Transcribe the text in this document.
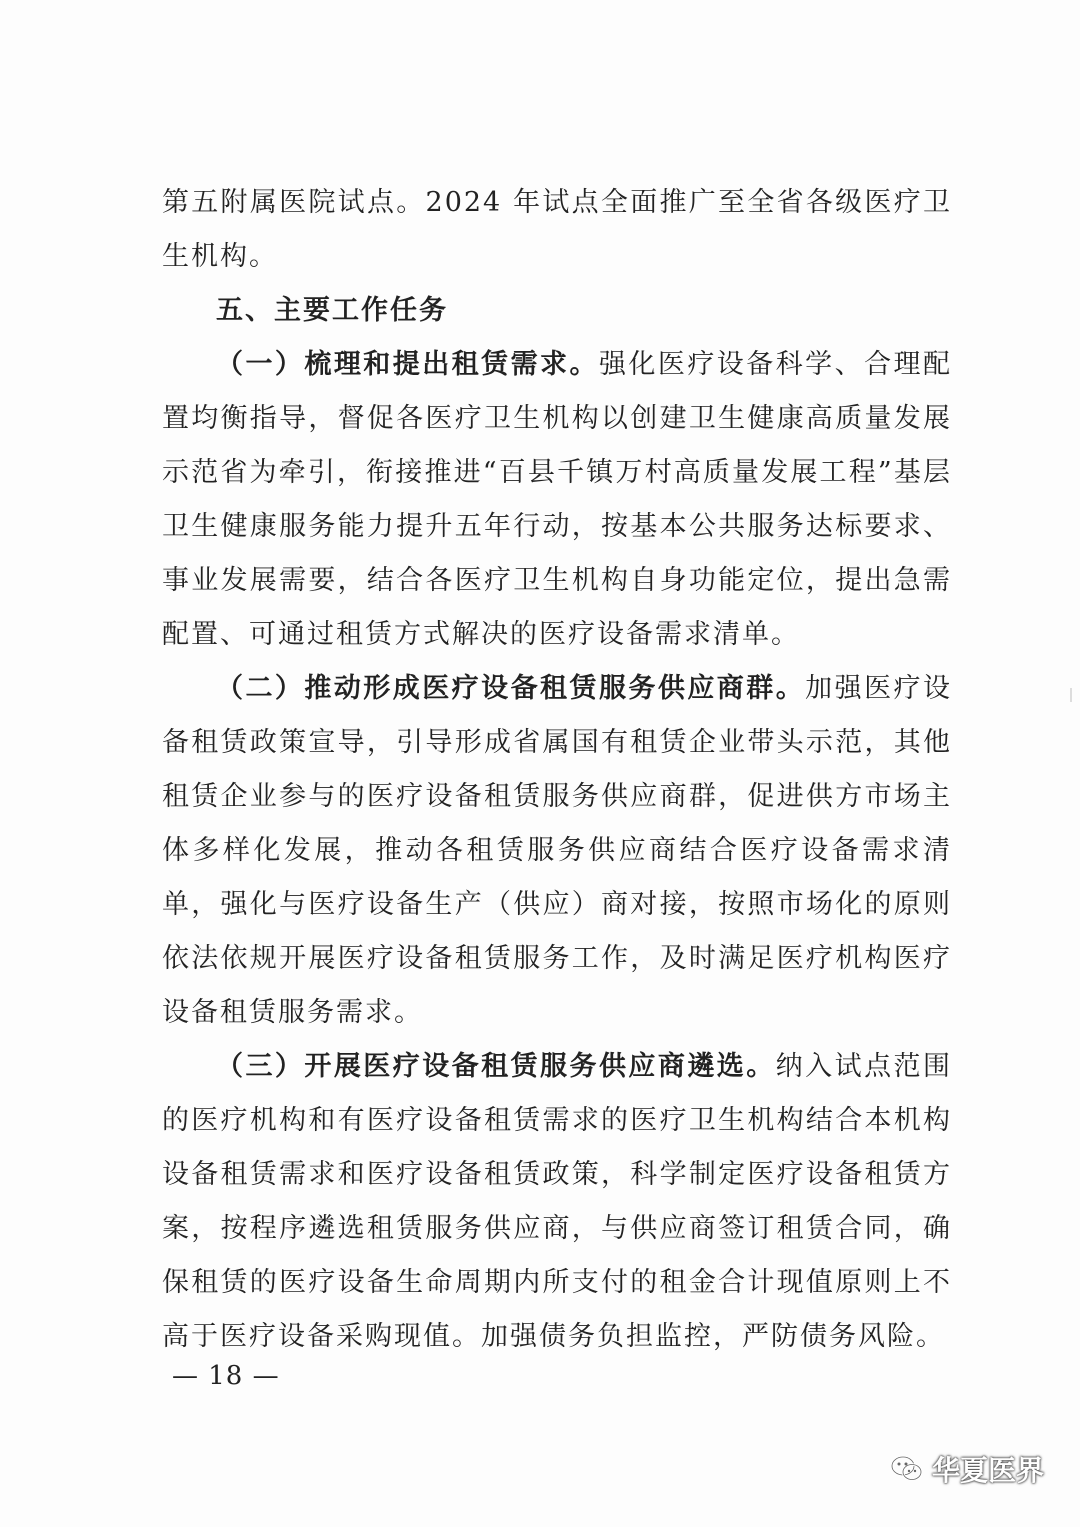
第五附属医院试点。2024 年试点全面推广至全省各级医疗卫生机构。

五、主要工作任务

（一）梳理和提出租赁需求。强化医疗设备科学、合理配置均衡指导，督促各医疗卫生机构以创建卫生健康高质量发展示范省为牵引，衔接推进“百县千镇万村高质量发展工程”基层卫生健康服务能力提升五年行动，按基本公共服务达标要求、事业发展需要，结合各医疗卫生机构自身功能定位，提出急需配置、可通过租赁方式解决的医疗设备需求清单。

（二）推动形成医疗设备租赁服务供应商群。加强医疗设备租赁政策宣导，引导形成省属国有租赁企业带头示范，其他租赁企业参与的医疗设备租赁服务供应商群，促进供方市场主体多样化发展，推动各租赁服务供应商结合医疗设备需求清单，强化与医疗设备生产（供应）商对接，按照市场化的原则依法依规开展医疗设备租赁服务工作，及时满足医疗机构医疗设备租赁服务需求。

（三）开展医疗设备租赁服务供应商遴选。纳入试点范围的医疗机构和有医疗设备租赁需求的医疗卫生机构结合本机构设备租赁需求和医疗设备租赁政策，科学制定医疗设备租赁方案，按程序遴选租赁服务供应商，与供应商签订租赁合同，确保租赁的医疗设备生命周期内所支付的租金合计现值原则上不高于医疗设备采购现值。加强债务负担监控，严防债务风险。

— 18 —
华夏医界
